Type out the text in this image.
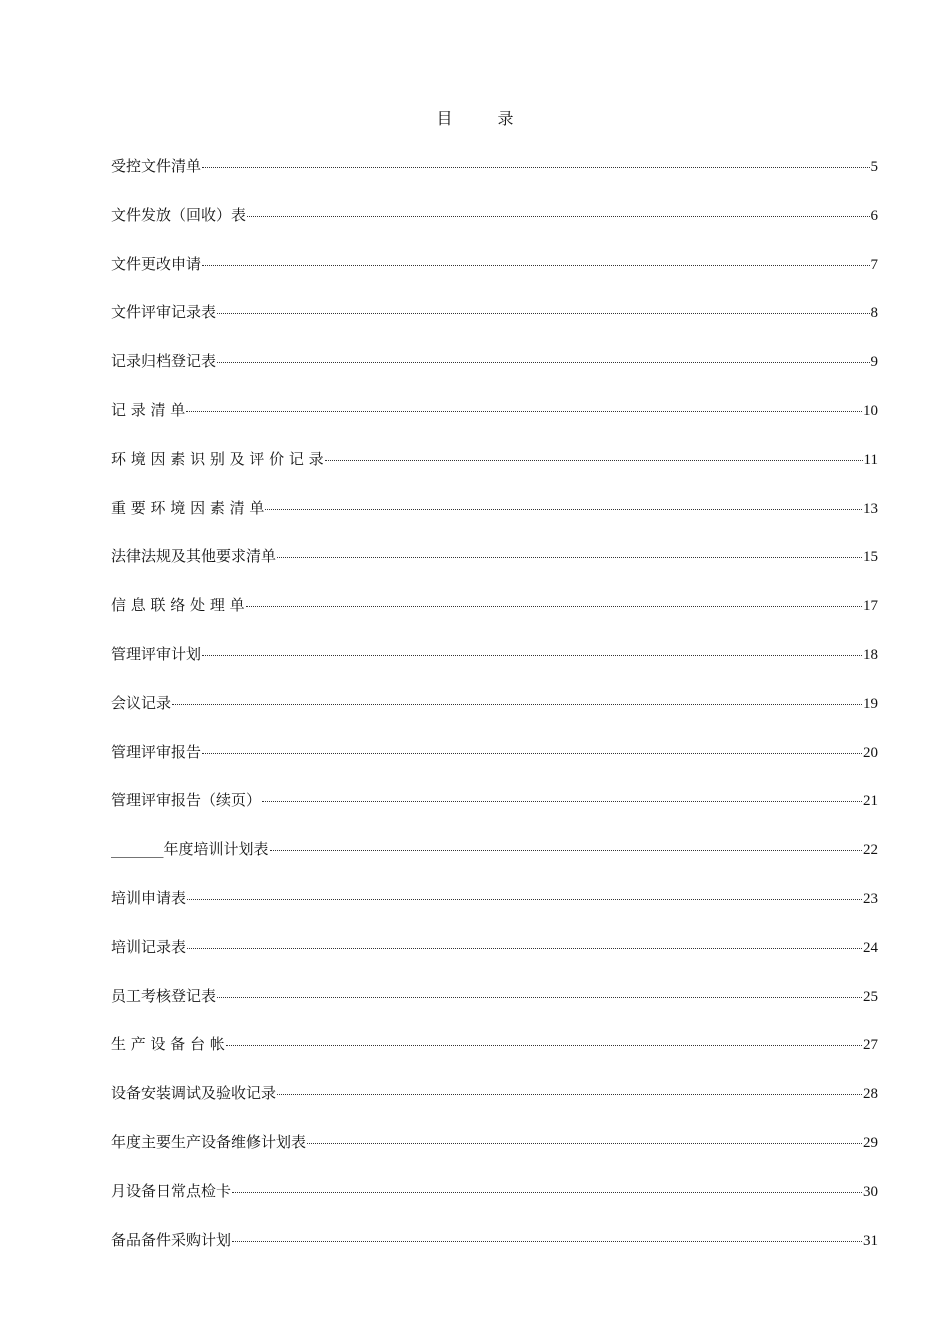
目 录
受控文件清单	5
文件发放（回收）表	6
文件更改申请	7
文件评审记录表	8
记录归档登记表	9
记 录 清 单	10
环 境 因 素 识 别 及 评 价 记 录	11
重 要 环 境 因 素 清 单	13
法律法规及其他要求清单	15
信 息 联 络 处 理 单	17
管理评审计划	18
会议记录	19
管理评审报告	20
管理评审报告（续页）	21
_______年度培训计划表	22
培训申请表	23
培训记录表	24
员工考核登记表	25
生 产 设 备 台 帐	27
设备安装调试及验收记录	28
年度主要生产设备维修计划表	29
月设备日常点检卡	30
备品备件采购计划	31
